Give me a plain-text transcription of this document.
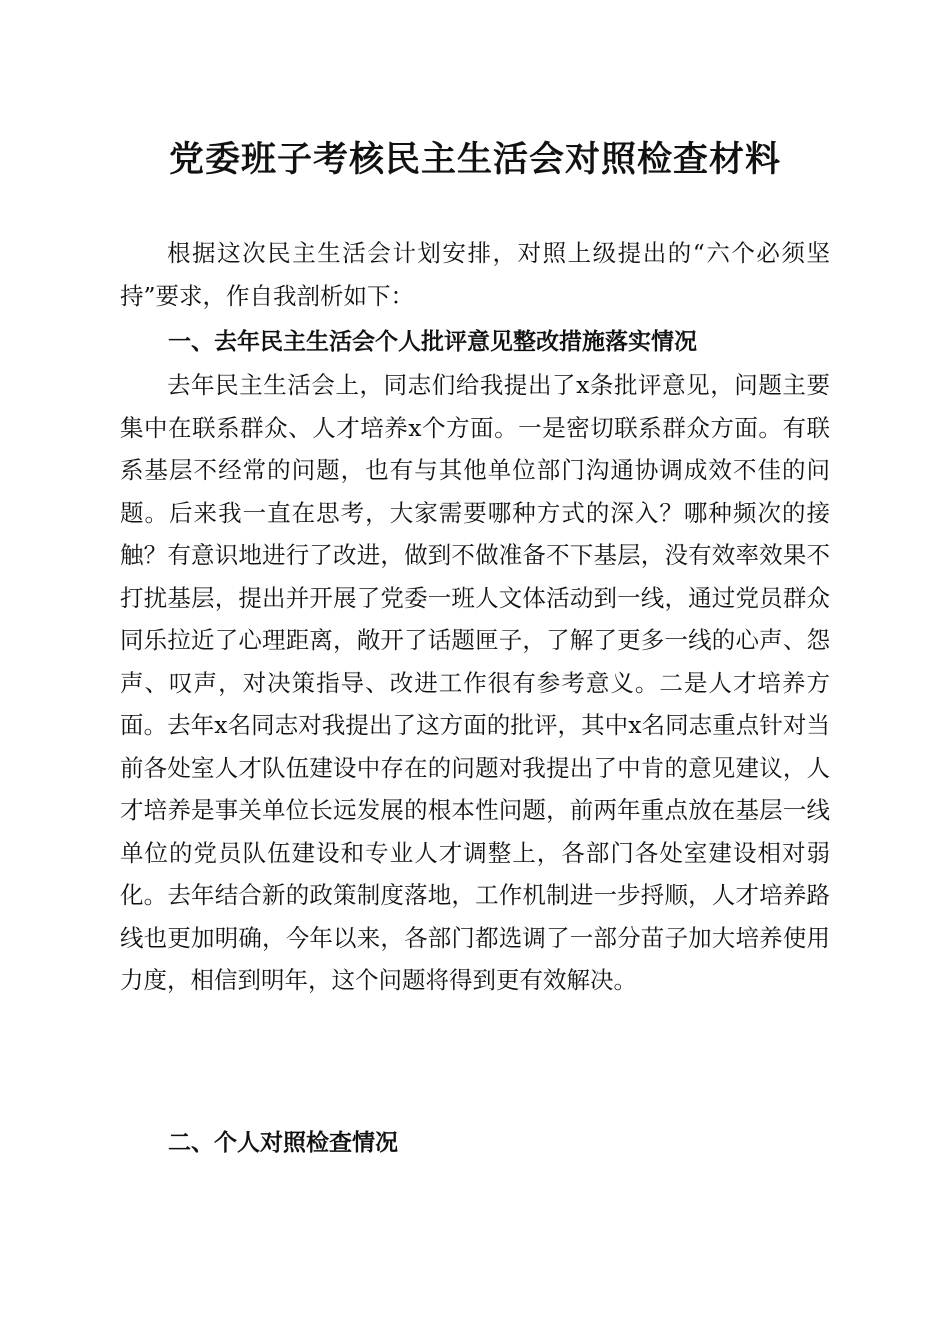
党委班子考核民主生活会对照检查材料

根据这次民主生活会计划安排，对照上级提出的“六个必须坚持”要求，作自我剖析如下：

一、去年民主生活会个人批评意见整改措施落实情况

去年民主生活会上，同志们给我提出了x条批评意见，问题主要集中在联系群众、人才培养x个方面。一是密切联系群众方面。有联系基层不经常的问题，也有与其他单位部门沟通协调成效不佳的问题。后来我一直在思考，大家需要哪种方式的深入？哪种频次的接触？有意识地进行了改进，做到不做准备不下基层，没有效率效果不打扰基层，提出并开展了党委一班人文体活动到一线，通过党员群众同乐拉近了心理距离，敞开了话题匣子，了解了更多一线的心声、怨声、叹声，对决策指导、改进工作很有参考意义。二是人才培养方面。去年x名同志对我提出了这方面的批评，其中x名同志重点针对当前各处室人才队伍建设中存在的问题对我提出了中肯的意见建议，人才培养是事关单位长远发展的根本性问题，前两年重点放在基层一线单位的党员队伍建设和专业人才调整上，各部门各处室建设相对弱化。去年结合新的政策制度落地，工作机制进一步捋顺，人才培养路线也更加明确，今年以来，各部门都选调了一部分苗子加大培养使用力度，相信到明年，这个问题将得到更有效解决。

二、个人对照检查情况
